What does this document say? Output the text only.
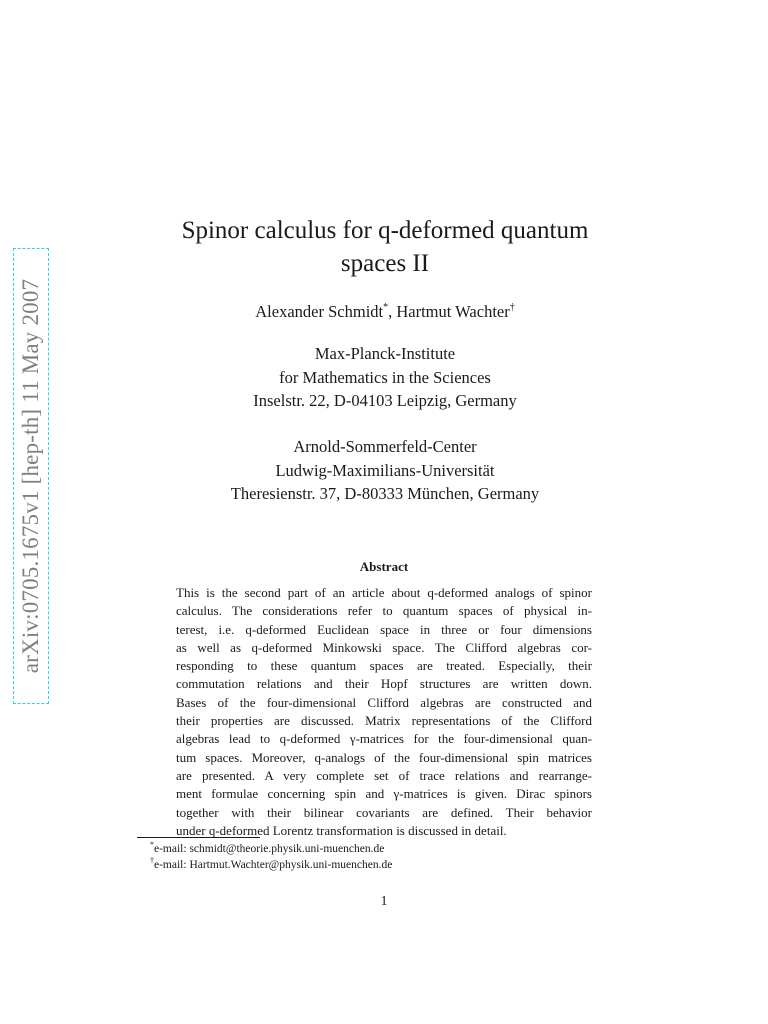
arXiv:0705.1675v1 [hep-th] 11 May 2007
Spinor calculus for q-deformed quantum
spaces II
Alexander Schmidt*, Hartmut Wachter†
Max-Planck-Institute
for Mathematics in the Sciences
Inselstr. 22, D-04103 Leipzig, Germany
Arnold-Sommerfeld-Center
Ludwig-Maximilians-Universität
Theresienstr. 37, D-80333 München, Germany
Abstract
This is the second part of an article about q-deformed analogs of spinor
calculus. The considerations refer to quantum spaces of physical in-
terest, i.e. q-deformed Euclidean space in three or four dimensions
as well as q-deformed Minkowski space. The Clifford algebras cor-
responding to these quantum spaces are treated. Especially, their
commutation relations and their Hopf structures are written down.
Bases of the four-dimensional Clifford algebras are constructed and
their properties are discussed. Matrix representations of the Clifford
algebras lead to q-deformed γ-matrices for the four-dimensional quan-
tum spaces. Moreover, q-analogs of the four-dimensional spin matrices
are presented. A very complete set of trace relations and rearrange-
ment formulae concerning spin and γ-matrices is given. Dirac spinors
together with their bilinear covariants are defined. Their behavior
under q-deformed Lorentz transformation is discussed in detail.
*e-mail: schmidt@theorie.physik.uni-muenchen.de
†e-mail: Hartmut.Wachter@physik.uni-muenchen.de
1
